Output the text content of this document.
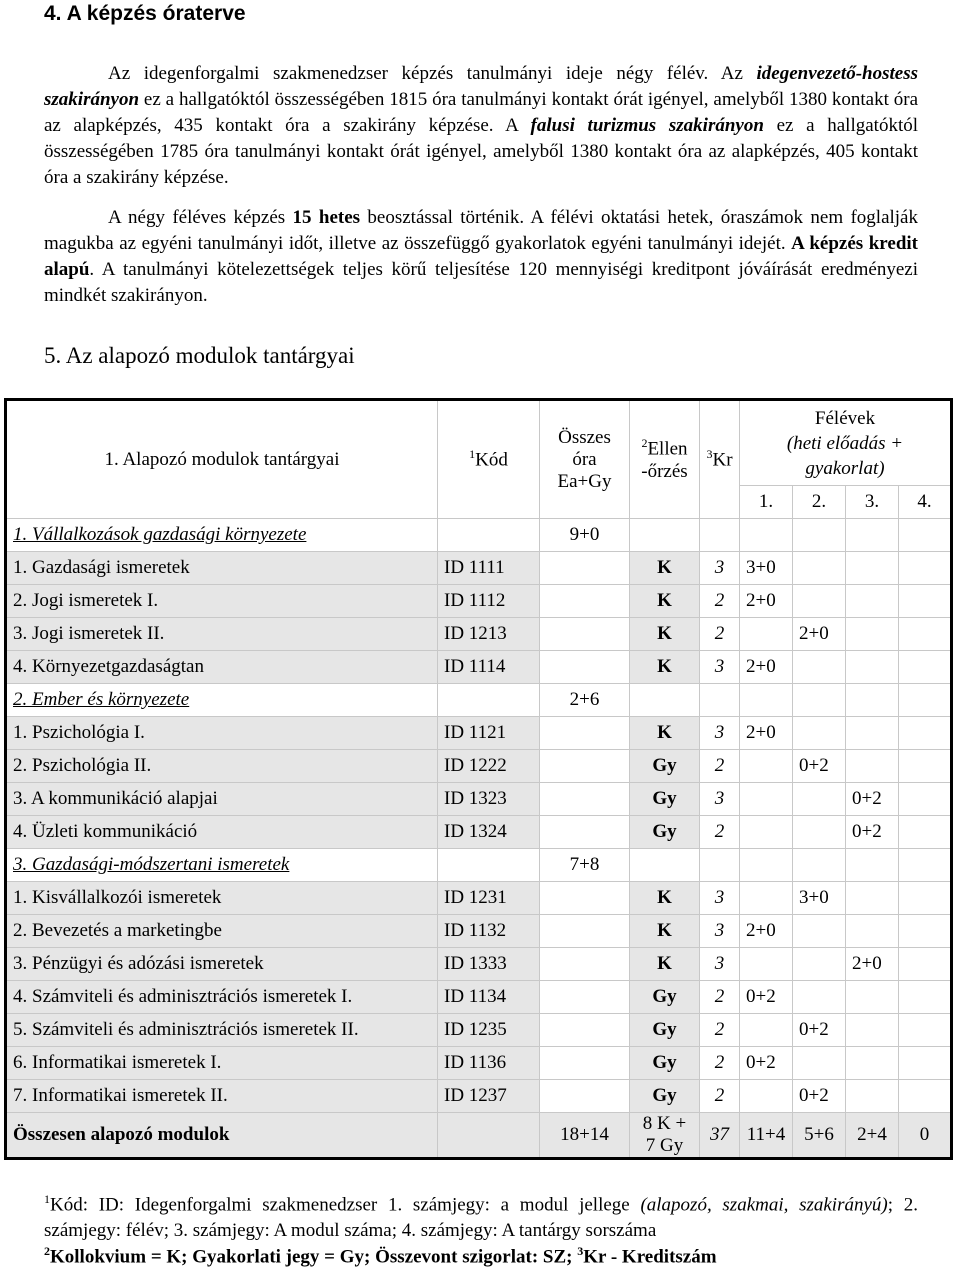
4. A képzés óraterve

Az idegenforgalmi szakmenedzser képzés tanulmányi ideje négy félév. Az idegenvezető-hostess szakirányon ez a hallgatóktól összességében 1815 óra tanulmányi kontakt órát igényel, amelyből 1380 kontakt óra az alapképzés, 435 kontakt óra a szakirány képzése. A falusi turizmus szakirányon ez a hallgatóktól összességében 1785 óra tanulmányi kontakt órát igényel, amelyből 1380 kontakt óra az alapképzés, 405 kontakt óra a szakirány képzése.

A négy féléves képzés 15 hetes beosztással történik. A félévi oktatási hetek, óraszámok nem foglalják magukba az egyéni tanulmányi időt, illetve az összefüggő gyakorlatok egyéni tanulmányi idejét. A képzés kredit alapú. A tanulmányi kötelezettségek teljes körű teljesítése 120 mennyiségi kreditpont jóváírását eredményezi mindkét szakirányon.

5. Az alapozó modulok tantárgyai
1. Alapozó modulok tantárgyai	$^1$Kód	Összes
óra
Ea+Gy	$^2$Ellen
-őrzés	$^3$Kr	Félévek
(heti előadás +
gyakorlat)			
					1.	2.	3.	4.
1. Vállalkozások gazdasági környezete		9+0						
1. Gazdasági ismeretek	ID 1111		K	3	3+0			
2. Jogi ismeretek I.	ID 1112		K	2	2+0			
3. Jogi ismeretek II.	ID 1213		K	2		2+0		
4. Környezetgazdaságtan	ID 1114		K	3	2+0			
2. Ember és környezete		2+6						
1. Pszichológia I.	ID 1121		K	3	2+0			
2. Pszichológia II.	ID 1222		Gy	2		0+2		
3. A kommunikáció alapjai	ID 1323		Gy	3			0+2	
4. Üzleti kommunikáció	ID 1324		Gy	2			0+2	
3. Gazdasági-módszertani ismeretek		7+8						
1. Kisvállalkozói ismeretek	ID 1231		K	3		3+0		
2. Bevezetés a marketingbe	ID 1132		K	3	2+0			
3. Pénzügyi és adózási ismeretek	ID 1333		K	3			2+0	
4. Számviteli és adminisztrációs ismeretek I.	ID 1134		Gy	2	0+2			
5. Számviteli és adminisztrációs ismeretek II.	ID 1235		Gy	2		0+2		
6. Informatikai ismeretek I.	ID 1136		Gy	2	0+2			
7. Informatikai ismeretek II.	ID 1237		Gy	2		0+2		
Összesen alapozó modulok		18+14	8 K +
7 Gy	37	11+4	5+6	2+4	0

$^1$Kód: ID: Idegenforgalmi szakmenedzser 1. számjegy: a modul jellege (alapozó, szakmai, szakirányú); 2. számjegy: félév; 3. számjegy: A modul száma; 4. számjegy: A tantárgy sorszáma

$^2$Kollokvium = K; Gyakorlati jegy = Gy; Összevont szigorlat: SZ; $^3$Kr - Kreditszám
